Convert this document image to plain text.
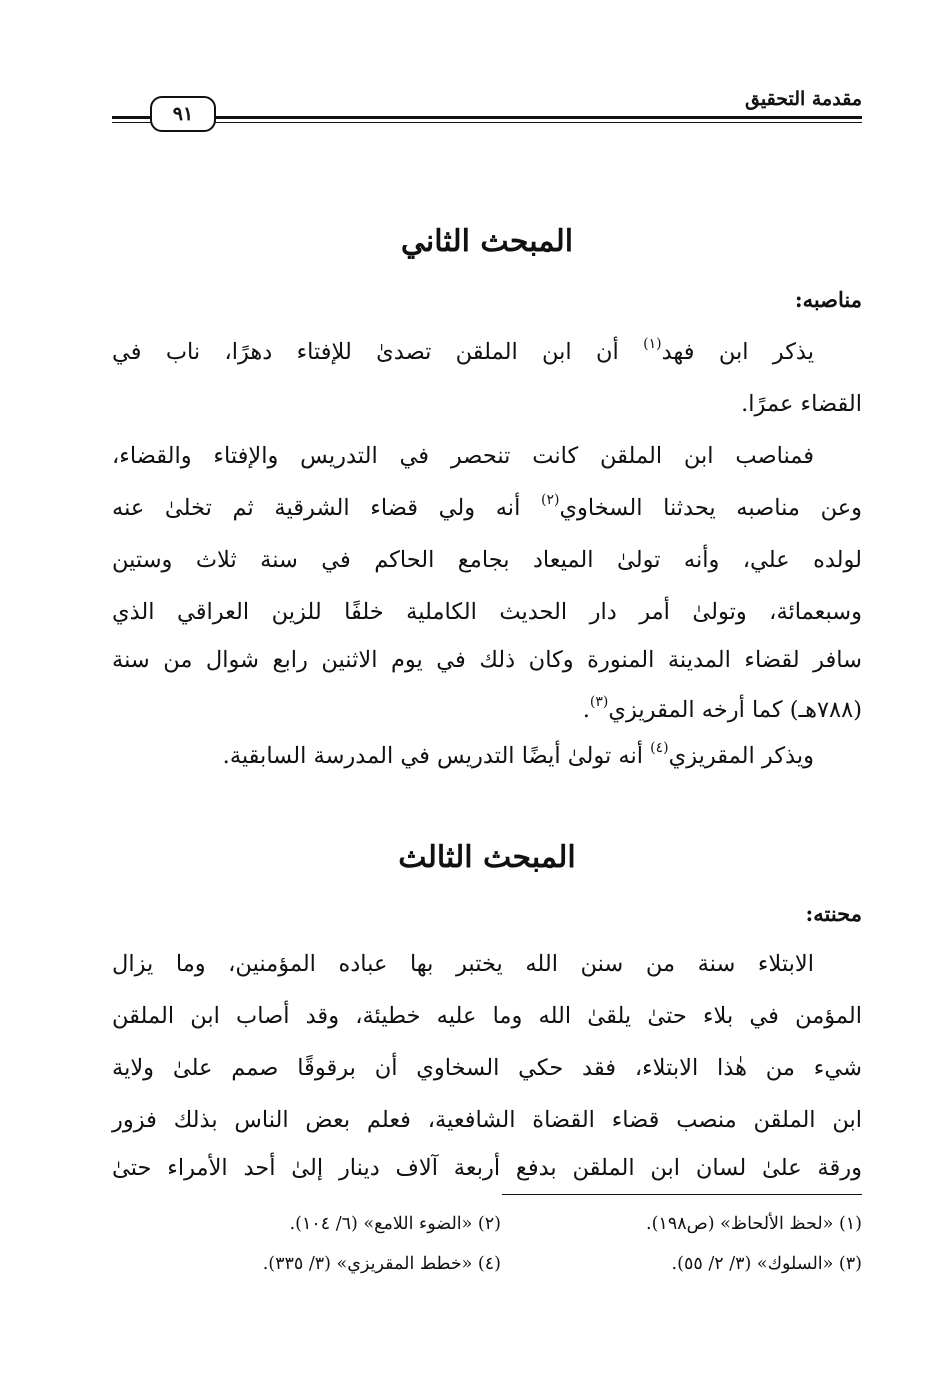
مقدمة التحقيق
٩١
المبحث الثاني
مناصبه:
يذكر ابن فهد$^{(١)}$ أن ابن الملقن تصدىٰ للإفتاء دهرًا، ناب في
القضاء عمرًا.
فمناصب ابن الملقن كانت تنحصر في التدريس والإفتاء والقضاء،
وعن مناصبه يحدثنا السخاوي$^{(٢)}$ أنه ولي قضاء الشرقية ثم تخلىٰ عنه
لولده علي، وأنه تولىٰ الميعاد بجامع الحاكم في سنة ثلاث وستين
وسبعمائة، وتولىٰ أمر دار الحديث الكاملية خلفًا للزين العراقي الذي
سافر لقضاء المدينة المنورة وكان ذلك في يوم الاثنين رابع شوال من سنة
(٧٨٨هـ) كما أرخه المقريزي$^{(٣)}$.
ويذكر المقريزي$^{(٤)}$ أنه تولىٰ أيضًا التدريس في المدرسة السابقية.
المبحث الثالث
محنته:
الابتلاء سنة من سنن الله يختبر بها عباده المؤمنين، وما يزال
المؤمن في بلاء حتىٰ يلقىٰ الله وما عليه خطيئة، وقد أصاب ابن الملقن
شيء من هٰذا الابتلاء، فقد حكي السخاوي أن برقوقًا صمم علىٰ ولاية
ابن الملقن منصب قضاء القضاة الشافعية، فعلم بعض الناس بذلك فزور
ورقة علىٰ لسان ابن الملقن بدفع أربعة آلاف دينار إلىٰ أحد الأمراء حتىٰ
(١) «لحظ الألحاظ» (ص١٩٨).
(٢) «الضوء اللامع» (٦/ ١٠٤).
(٣) «السلوك» (٣/ ٢/ ٥٥).
(٤) «خطط المقريزي» (٣/ ٣٣٥).
